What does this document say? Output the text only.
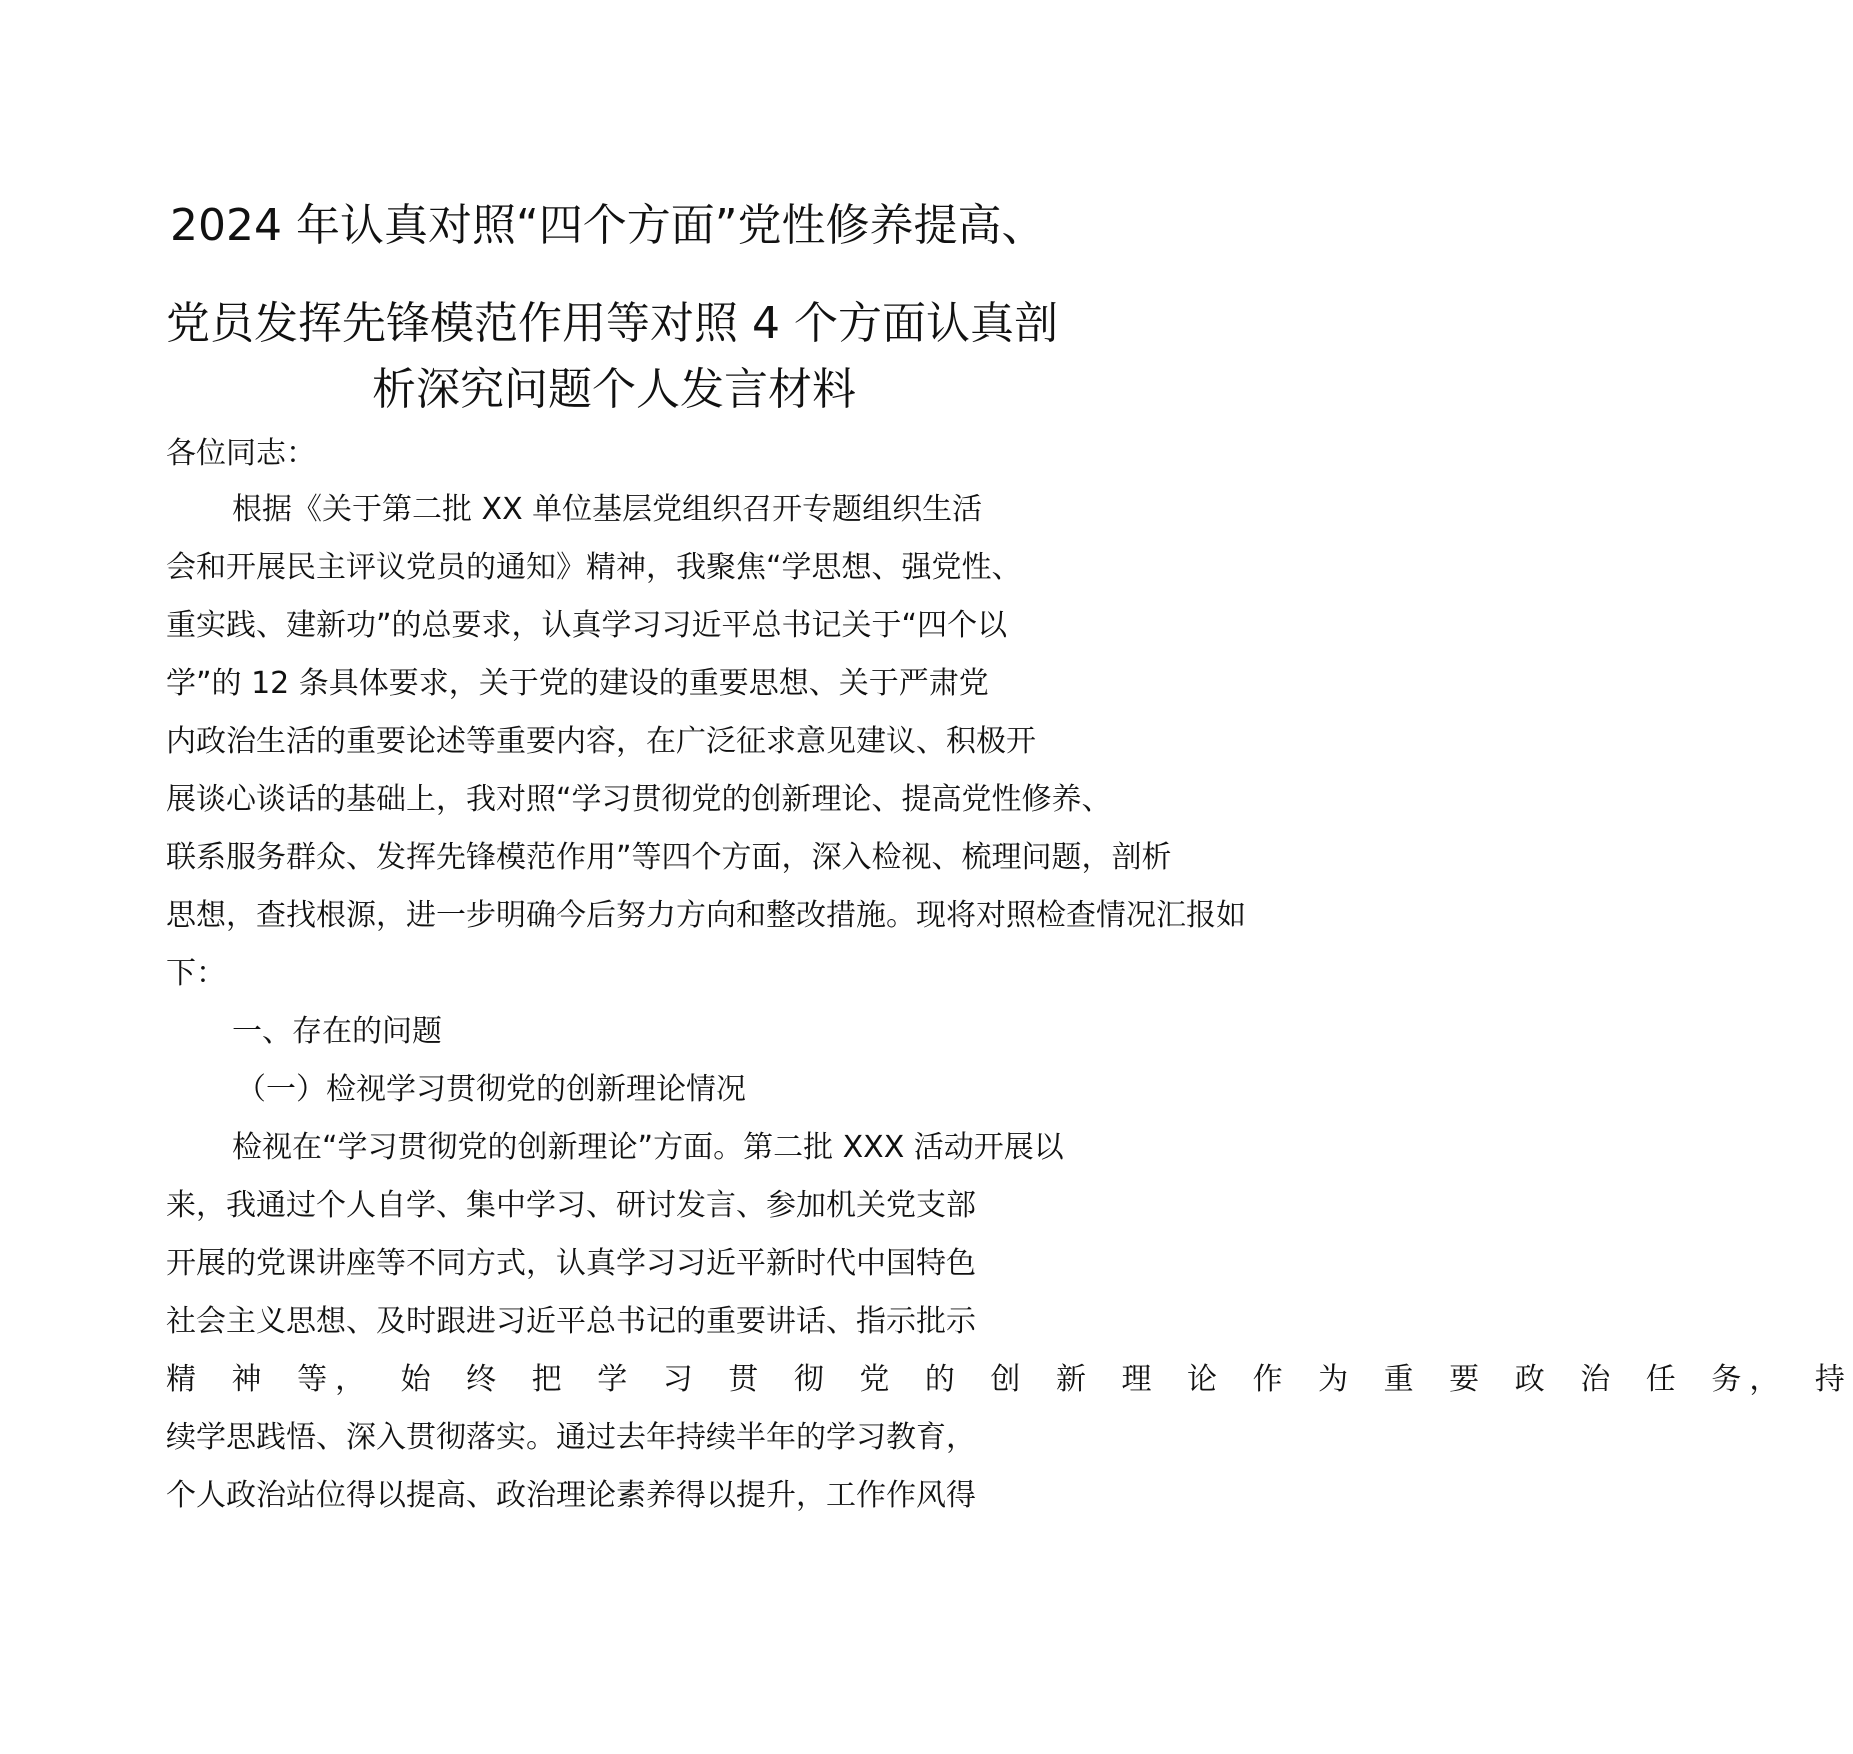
2024 年认真对照“四个方面”党性修养提高、
党员发挥先锋模范作用等对照 4 个方面认真剖
析深究问题个人发言材料
各位同志：
根据《关于第二批 XX 单位基层党组织召开专题组织生活
会和开展民主评议党员的通知》精神，我聚焦“学思想、强党性、
重实践、建新功”的总要求，认真学习习近平总书记关于“四个以
学”的 12 条具体要求，关于党的建设的重要思想、关于严肃党
内政治生活的重要论述等重要内容，在广泛征求意见建议、积极开
展谈心谈话的基础上，我对照“学习贯彻党的创新理论、提高党性修养、
联系服务群众、发挥先锋模范作用”等四个方面，深入检视、梳理问题，剖析
思想，查找根源，进一步明确今后努力方向和整改措施。现将对照检查情况汇报如
下：
一、存在的问题
（一）检视学习贯彻党的创新理论情况
检视在“学习贯彻党的创新理论”方面。第二批 XXX 活动开展以
来，我通过个人自学、集中学习、研讨发言、参加机关党支部
开展的党课讲座等不同方式，认真学习习近平新时代中国特色
社会主义思想、及时跟进习近平总书记的重要讲话、指示批示
精 神 等， 始 终 把 学 习 贯 彻 党 的 创 新 理 论 作 为 重 要 政 治 任 务， 持
续学思践悟、深入贯彻落实。通过去年持续半年的学习教育，
个人政治站位得以提高、政治理论素养得以提升，工作作风得
